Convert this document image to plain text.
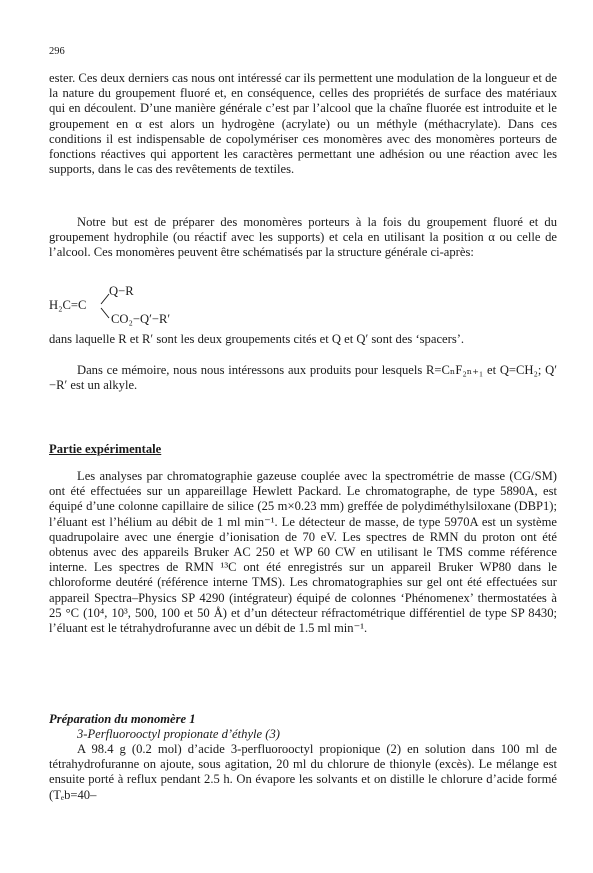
296

ester. Ces deux derniers cas nous ont intéressé car ils permettent une modulation de la longueur et de la nature du groupement fluoré et, en conséquence, celles des propriétés de surface des matériaux qui en découlent. D’une manière générale c’est par l’alcool que la chaîne fluorée est introduite et le groupement en α est alors un hydrogène (acrylate) ou un méthyle (méthacrylate). Dans ces conditions il est indispensable de copolymériser ces monomères avec des monomères porteurs de fonctions réactives qui apportent les caractères permettant une adhésion ou une réaction avec les supports, dans le cas des revêtements de textiles.

Notre but est de préparer des monomères porteurs à la fois du groupement fluoré et du groupement hydrophile (ou réactif avec les supports) et cela en utilisant la position α ou celle de l’alcool. Ces monomères peuvent être schématisés par la structure générale ci-après:

H₂C=C
Q−R
CO₂−Q′−R′

dans laquelle R et R′ sont les deux groupements cités et Q et Q′ sont des ‘spacers’.

Dans ce mémoire, nous nous intéressons aux produits pour lesquels R=CₙF₂ₙ₊₁ et Q=CH₂; Q′−R′ est un alkyle.

Partie expérimentale

Les analyses par chromatographie gazeuse couplée avec la spectrométrie de masse (CG/SM) ont été effectuées sur un appareillage Hewlett Packard. Le chromatographe, de type 5890A, est équipé d’une colonne capillaire de silice (25 m×0.23 mm) greffée de polydiméthylsiloxane (DBP1); l’éluant est l’hélium au débit de 1 ml min⁻¹. Le détecteur de masse, de type 5970A est un système quadrupolaire avec une énergie d’ionisation de 70 eV. Les spectres de RMN du proton ont été obtenus avec des appareils Bruker AC 250 et WP 60 CW en utilisant le TMS comme référence interne. Les spectres de RMN ¹³C ont été enregistrés sur un appareil Bruker WP80 dans le chloroforme deutéré (référence interne TMS). Les chromatographies sur gel ont été effectuées sur appareil Spectra–Physics SP 4290 (intégrateur) équipé de colonnes ‘Phénomenex’ thermostatées à 25 °C (10⁴, 10³, 500, 100 et 50 Å) et d’un détecteur réfractométrique différentiel de type SP 8430; l’éluant est le tétrahydrofuranne avec un débit de 1.5 ml min⁻¹.

Préparation du monomère 1
3-Perfluorooctyl propionate d’éthyle (3)

A 98.4 g (0.2 mol) d’acide 3-perfluorooctyl propionique (2) en solution dans 100 ml de tétrahydrofuranne on ajoute, sous agitation, 20 ml du chlorure de thionyle (excès). Le mélange est ensuite porté à reflux pendant 2.5 h. On évapore les solvants et on distille le chlorure d’acide formé (Tₑb=40–
